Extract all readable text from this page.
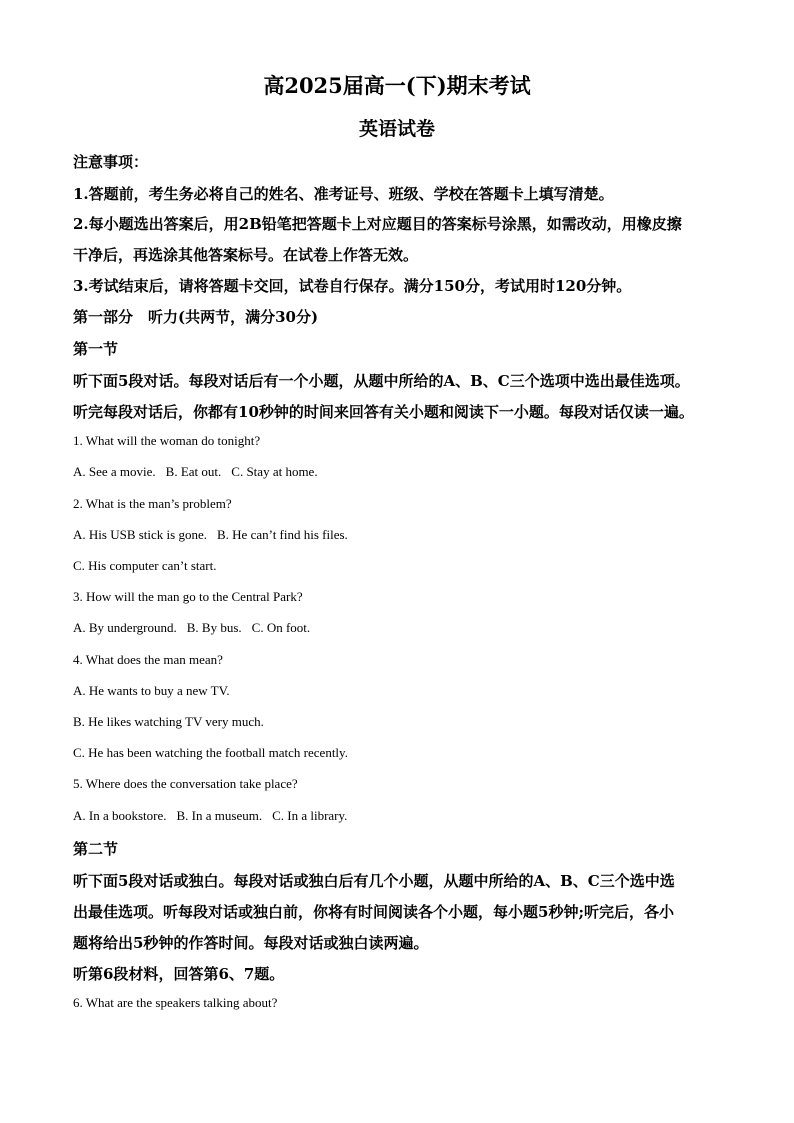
高2025届高一(下)期末考试
英语试卷
注意事项：
1.答题前，考生务必将自己的姓名、准考证号、班级、学校在答题卡上填写清楚。
2.每小题选出答案后，用2B铅笔把答题卡上对应题目的答案标号涂黑，如需改动，用橡皮擦
干净后，再选涂其他答案标号。在试卷上作答无效。
3.考试结束后，请将答题卡交回，试卷自行保存。满分150分，考试用时120分钟。
第一部分　听力(共两节，满分30分)
第一节
听下面5段对话。每段对话后有一个小题，从题中所给的A、B、C三个选项中选出最佳选项。
听完每段对话后，你都有10秒钟的时间来回答有关小题和阅读下一小题。每段对话仅读一遍。
1. What will the woman do tonight?
A. See a movie. B. Eat out. C. Stay at home.
2. What is the man’s problem?
A. His USB stick is gone. B. He can’t find his files.
C. His computer can’t start.
3. How will the man go to the Central Park?
A. By underground. B. By bus. C. On foot.
4. What does the man mean?
A. He wants to buy a new TV.
B. He likes watching TV very much.
C. He has been watching the football match recently.
5. Where does the conversation take place?
A. In a bookstore. B. In a museum. C. In a library.
第二节
听下面5段对话或独白。每段对话或独白后有几个小题，从题中所给的A、B、C三个选中选
出最佳选项。听每段对话或独白前，你将有时间阅读各个小题，每小题5秒钟;听完后，各小
题将给出5秒钟的作答时间。每段对话或独白读两遍。
听第6段材料，回答第6、7题。
6. What are the speakers talking about?
